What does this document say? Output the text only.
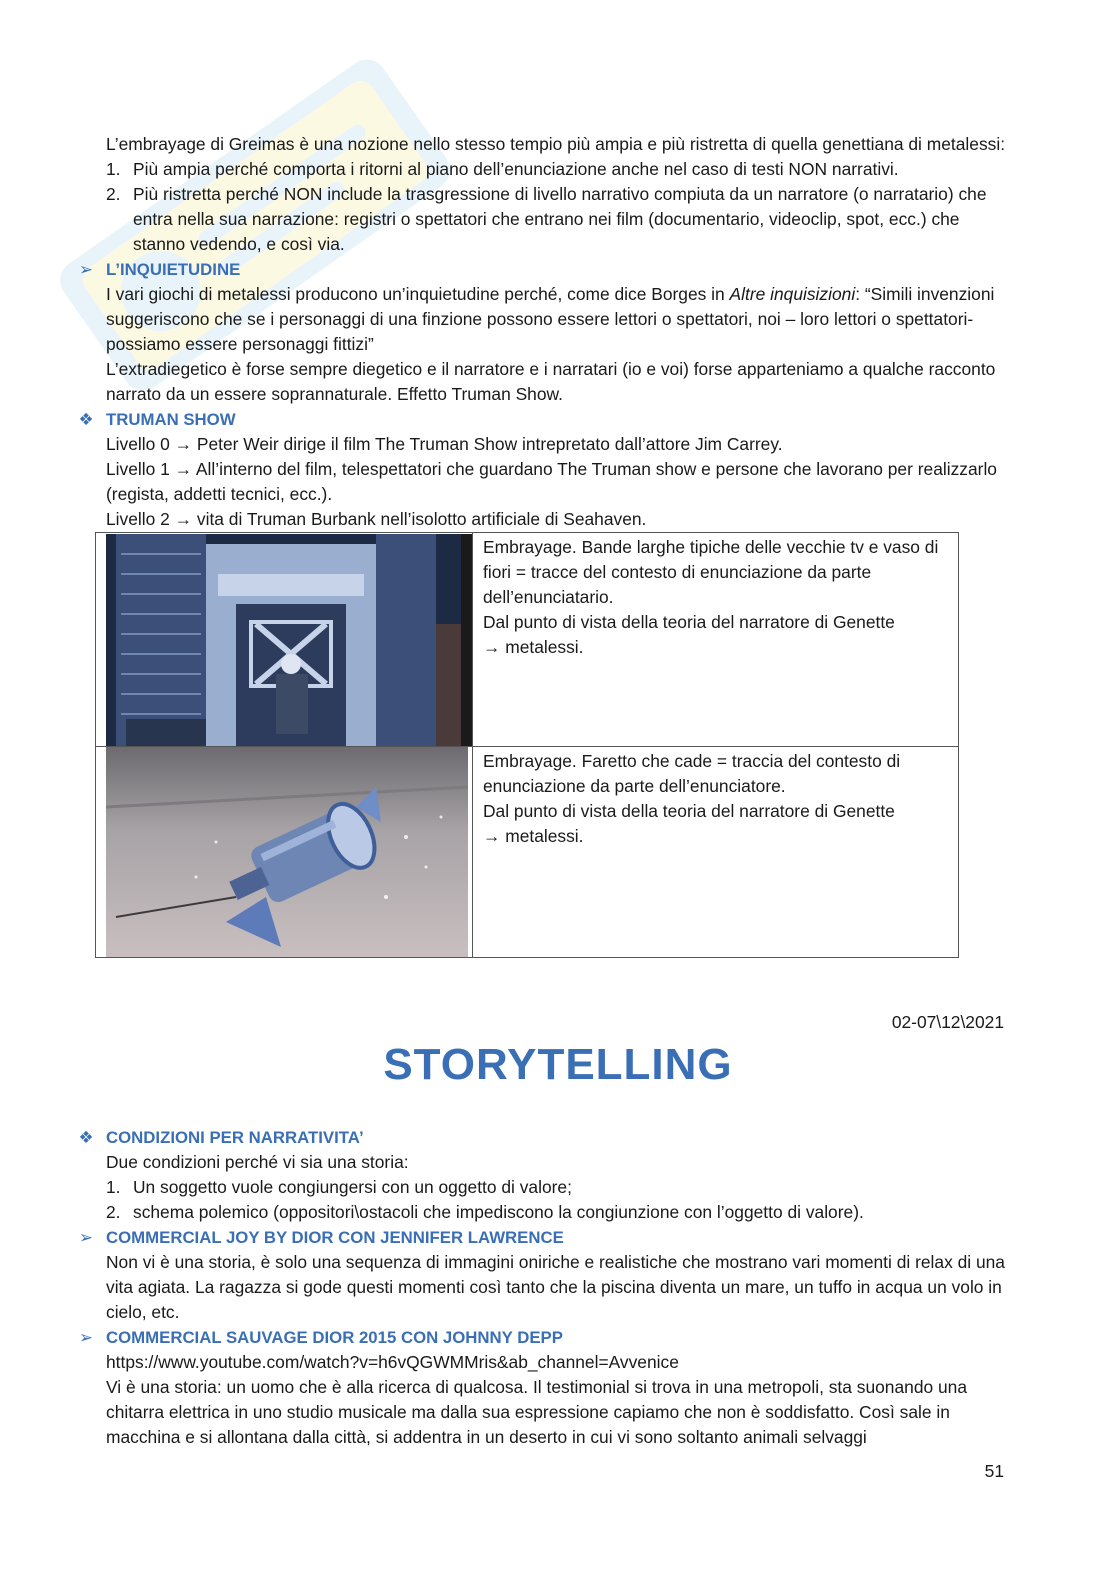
L’embrayage di Greimas è una nozione nello stesso tempio più ampia e più ristretta di quella genettiana di metalessi:

1. Più ampia perché comporta i ritorni al piano dell’enunciazione anche nel caso di testi NON narrativi.
2. Più ristretta perché NON include la trasgressione di livello narrativo compiuta da un narratore (o narratario) che entra nella sua narrazione: registri o spettatori che entrano nei film (documentario, videoclip, spot, ecc.) che stanno vedendo, e così via.
➢ L’INQUIETUDINE

I vari giochi di metalessi producono un’inquietudine perché, come dice Borges in Altre inquisizioni: “Simili invenzioni suggeriscono che se i personaggi di una finzione possono essere lettori o spettatori, noi – loro lettori o spettatori- possiamo essere personaggi fittizi”

L’extradiegetico è forse sempre diegetico e il narratore e i narratari (io e voi) forse apparteniamo a qualche racconto narrato da un essere soprannaturale. Effetto Truman Show.

❖ TRUMAN SHOW

Livello 0 → Peter Weir dirige il film The Truman Show intrepretato dall’attore Jim Carrey.

Livello 1 → All’interno del film, telespettatori che guardano The Truman show e persone che lavorano per realizzarlo (regista, addetti tecnici, ecc.).

Livello 2 → vita di Truman Burbank nell’isolotto artificiale di Seahaven.

Embrayage. Bande larghe tipiche delle vecchie tv e vaso di fiori = tracce del contesto di enunciazione da parte dell’enunciatario.

Dal punto di vista della teoria del narratore di Genette

→ metalessi.

Embrayage. Faretto che cade = traccia del contesto di enunciazione da parte dell’enunciatore.

Dal punto di vista della teoria del narratore di Genette

→ metalessi.

02-07\12\2021
STORYTELLING
❖ CONDIZIONI PER NARRATIVITA’

Due condizioni perché vi sia una storia:

1. Un soggetto vuole congiungersi con un oggetto di valore;
2. schema polemico (oppositori\ostacoli che impediscono la congiunzione con l’oggetto di valore).
➢ COMMERCIAL JOY BY DIOR CON JENNIFER LAWRENCE

Non vi è una storia, è solo una sequenza di immagini oniriche e realistiche che mostrano vari momenti di relax di una vita agiata. La ragazza si gode questi momenti così tanto che la piscina diventa un mare, un tuffo in acqua un volo in cielo, etc.

➢ COMMERCIAL SAUVAGE DIOR 2015 CON JOHNNY DEPP

https://www.youtube.com/watch?v=h6vQGWMMris&ab_channel=Avvenice

Vi è una storia: un uomo che è alla ricerca di qualcosa. Il testimonial si trova in una metropoli, sta suonando una chitarra elettrica in uno studio musicale ma dalla sua espressione capiamo che non è soddisfatto. Così sale in macchina e si allontana dalla città, si addentra in un deserto in cui vi sono soltanto animali selvaggi

51
